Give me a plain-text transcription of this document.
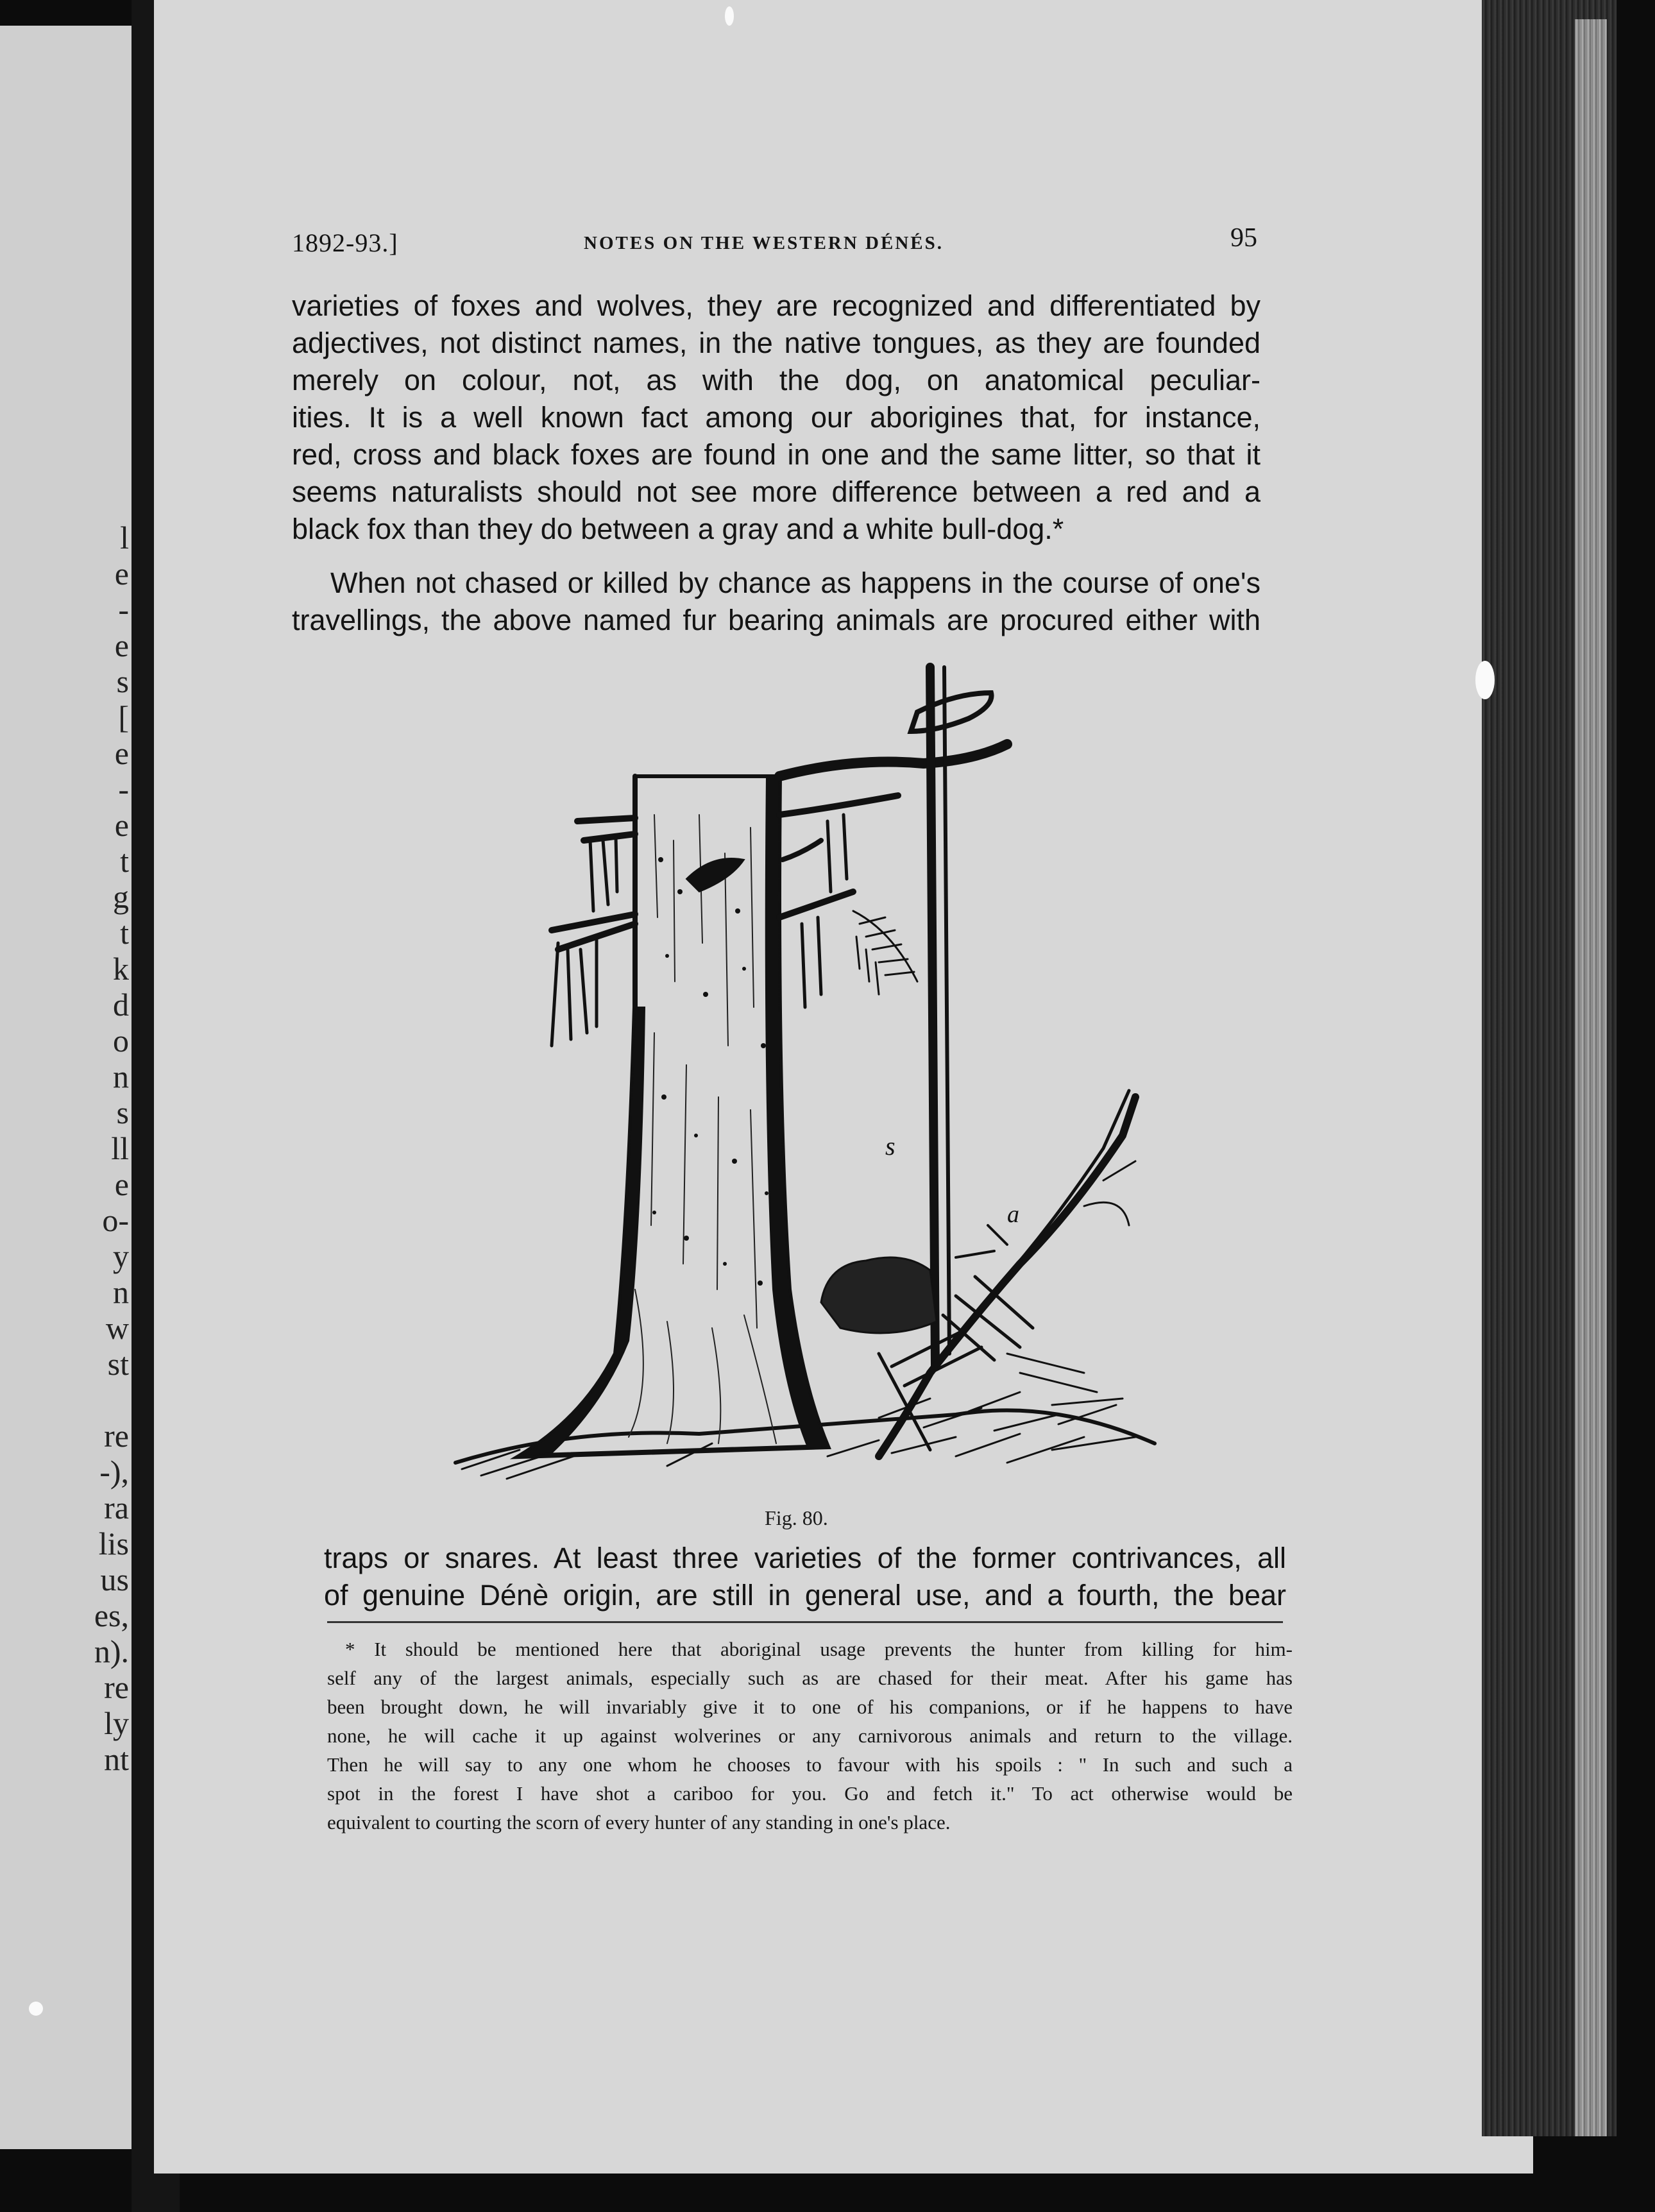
l
e
-
e
s
[
e
-
e
t
g
t
k
d
o
n
s
ll
e
o-
y
n
w
st
re
-),
ra
lis
us
es,
n).
re
ly
nt
1892-93.]	NOTES ON THE WESTERN DÉNÉS.	95
varieties of foxes and wolves, they are recognized and differentiated by
adjectives, not distinct names, in the native tongues, as they are founded
merely on colour, not, as with the dog, on anatomical peculiar-
ities. It is a well known fact among our aborigines that, for instance,
red, cross and black foxes are found in one and the same litter, so that it
seems naturalists should not see more difference between a red and a
black fox than they do between a gray and a white bull-dog.*
When not chased or killed by chance as happens in the course of one's
travellings, the above named fur bearing animals are procured either with
s
a
Fig. 80.
traps or snares. At least three varieties of the former contrivances, all
of genuine Dénè origin, are still in general use, and a fourth, the bear
* It should be mentioned here that aboriginal usage prevents the hunter from killing for him-
self any of the largest animals, especially such as are chased for their meat. After his game has
been brought down, he will invariably give it to one of his companions, or if he happens to have
none, he will cache it up against wolverines or any carnivorous animals and return to the village.
Then he will say to any one whom he chooses to favour with his spoils : " In such and such a
spot in the forest I have shot a cariboo for you. Go and fetch it." To act otherwise would be
equivalent to courting the scorn of every hunter of any standing in one's place.
